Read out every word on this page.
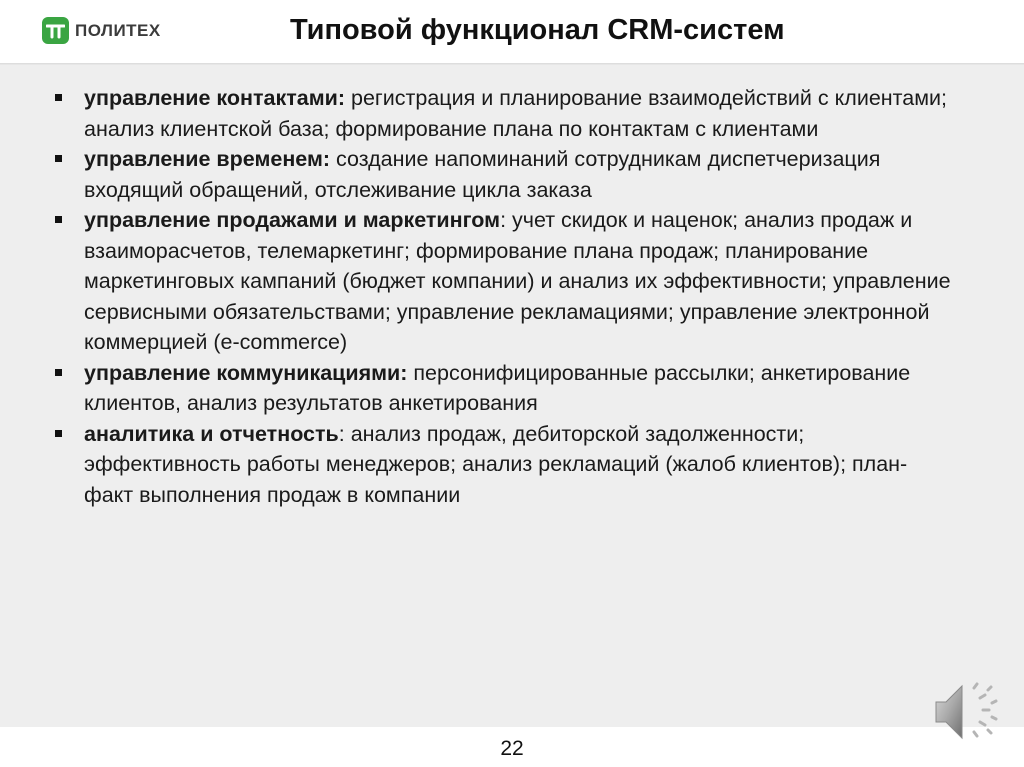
ПОЛИТЕХ	Типовой функционал CRM-систем
управление контактами: регистрация и планирование взаимодействий с клиентами; анализ клиентской база; формирование плана по контактам с клиентами
управление временем: создание напоминаний сотрудникам диспетчеризация входящий обращений, отслеживание цикла заказа
управление продажами и маркетингом: учет скидок и наценок; анализ продаж и взаиморасчетов, телемаркетинг; формирование плана продаж; планирование маркетинговых кампаний (бюджет компании) и анализ их эффективности; управление сервисными обязательствами; управление рекламациями; управление электронной коммерцией (e-commerce)
управление коммуникациями: персонифицированные рассылки; анкетирование клиентов, анализ результатов анкетирования
аналитика и отчетность: анализ продаж, дебиторской задолженности; эффективность работы менеджеров; анализ рекламаций (жалоб клиентов); план-факт выполнения продаж в компании
22
